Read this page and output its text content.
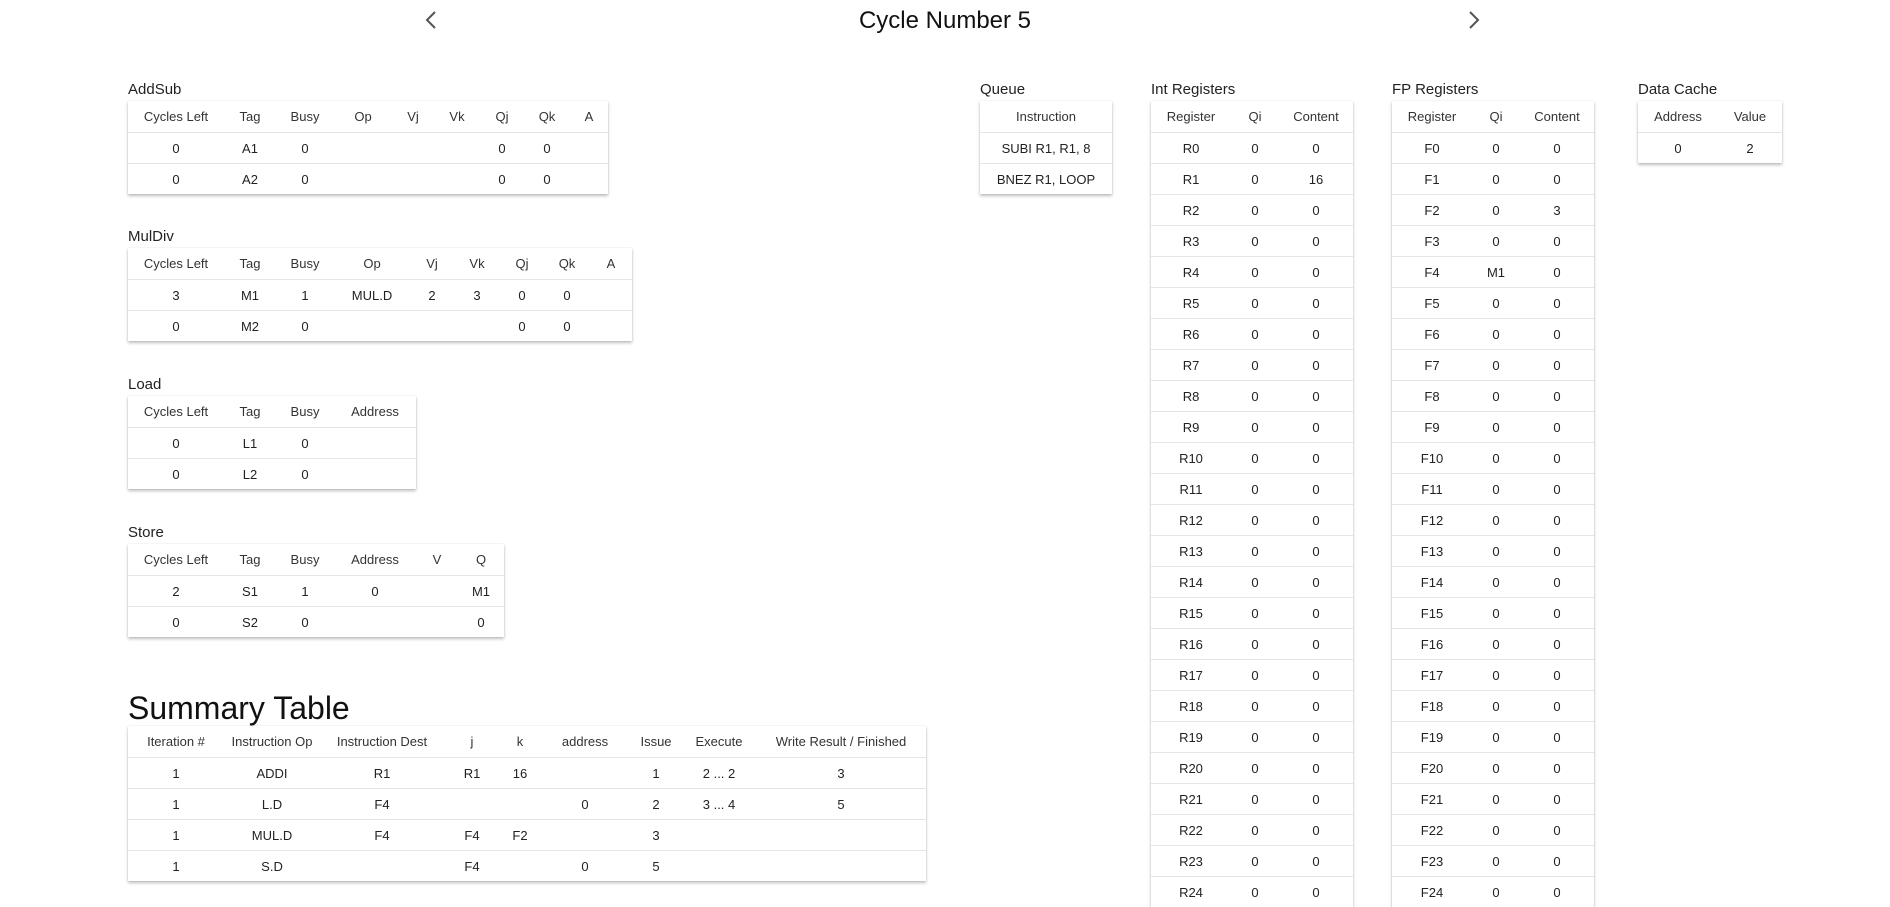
Cycle Number 5
AddSub
Cycles Left	Tag	Busy	Op	Vj	Vk	Qj	Qk	A
0	A1	0				0	0	
0	A2	0				0	0	
MulDiv
Cycles Left	Tag	Busy	Op	Vj	Vk	Qj	Qk	A
3	M1	1	MUL.D	2	3	0	0	
0	M2	0				0	0	
Load
Cycles Left	Tag	Busy	Address
0	L1	0	
0	L2	0	
Store
Cycles Left	Tag	Busy	Address	V	Q
2	S1	1	0		M1
0	S2	0			0
Summary Table
Iteration #	Instruction Op	Instruction Dest	j	k	address	Issue	Execute	Write Result / Finished
1	ADDI	R1	R1	16		1	2 ... 2	3
1	L.D	F4			0	2	3 ... 4	5
1	MUL.D	F4	F4	F2		3		
1	S.D		F4		0	5		
Queue
Instruction
SUBI R1, R1, 8
BNEZ R1, LOOP
Int Registers
Register	Qi	Content
R0	0	0
R1	0	16
R2	0	0
R3	0	0
R4	0	0
R5	0	0
R6	0	0
R7	0	0
R8	0	0
R9	0	0
R10	0	0
R11	0	0
R12	0	0
R13	0	0
R14	0	0
R15	0	0
R16	0	0
R17	0	0
R18	0	0
R19	0	0
R20	0	0
R21	0	0
R22	0	0
R23	0	0
R24	0	0
FP Registers
Register	Qi	Content
F0	0	0
F1	0	0
F2	0	3
F3	0	0
F4	M1	0
F5	0	0
F6	0	0
F7	0	0
F8	0	0
F9	0	0
F10	0	0
F11	0	0
F12	0	0
F13	0	0
F14	0	0
F15	0	0
F16	0	0
F17	0	0
F18	0	0
F19	0	0
F20	0	0
F21	0	0
F22	0	0
F23	0	0
F24	0	0
Data Cache
Address	Value
0	2
